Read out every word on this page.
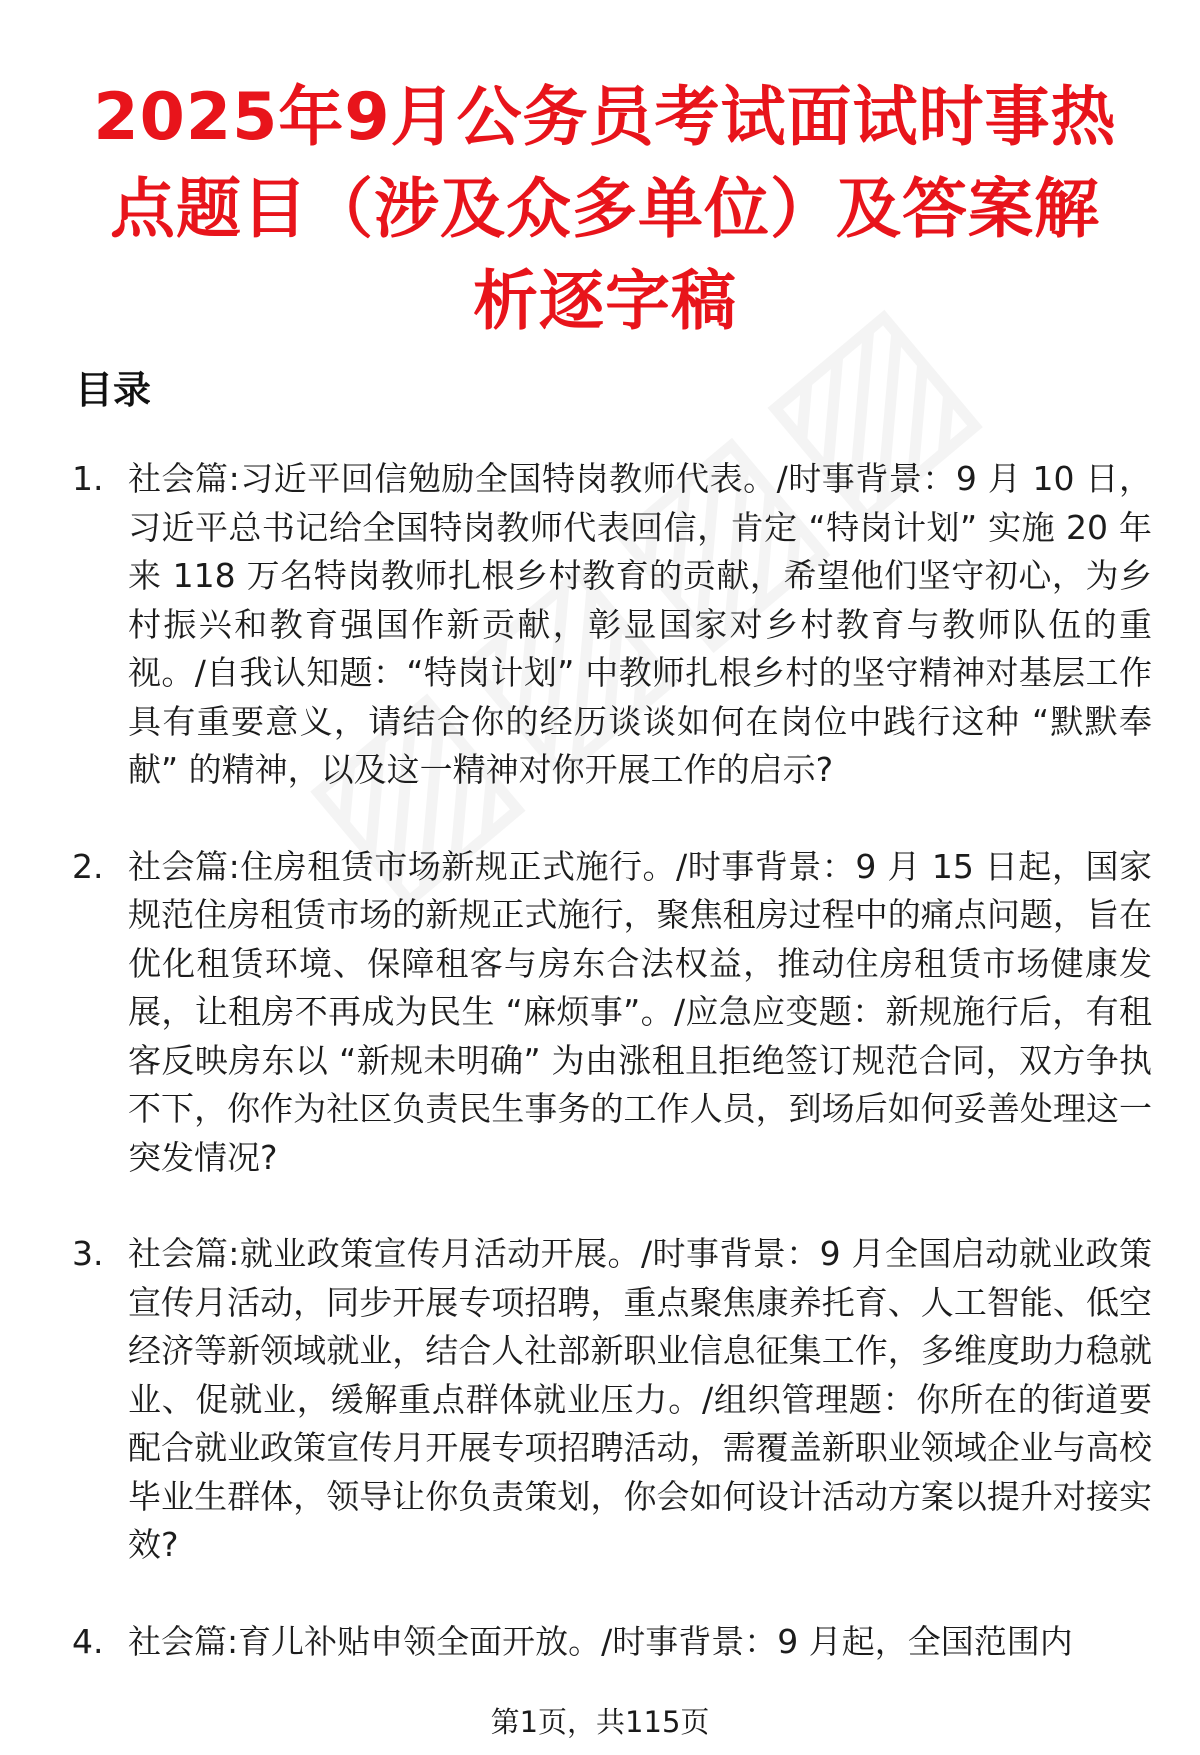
2025年9月公务员考试面试时事热点题目（涉及众多单位）及答案解析逐字稿
目录
1. 社会篇:习近平回信勉励全国特岗教师代表。/时事背景：9 月 10 日，习近平总书记给全国特岗教师代表回信，肯定 “特岗计划” 实施 20 年来 118 万名特岗教师扎根乡村教育的贡献，希望他们坚守初心，为乡村振兴和教育强国作新贡献，彰显国家对乡村教育与教师队伍的重视。/自我认知题：“特岗计划” 中教师扎根乡村的坚守精神对基层工作具有重要意义，请结合你的经历谈谈如何在岗位中践行这种 “默默奉献” 的精神，以及这一精神对你开展工作的启示?
2. 社会篇:住房租赁市场新规正式施行。/时事背景：9 月 15 日起，国家规范住房租赁市场的新规正式施行，聚焦租房过程中的痛点问题，旨在优化租赁环境、保障租客与房东合法权益，推动住房租赁市场健康发展，让租房不再成为民生 “麻烦事”。/应急应变题：新规施行后，有租客反映房东以 “新规未明确” 为由涨租且拒绝签订规范合同，双方争执不下，你作为社区负责民生事务的工作人员，到场后如何妥善处理这一突发情况?
3. 社会篇:就业政策宣传月活动开展。/时事背景：9 月全国启动就业政策宣传月活动，同步开展专项招聘，重点聚焦康养托育、人工智能、低空经济等新领域就业，结合人社部新职业信息征集工作，多维度助力稳就业、促就业，缓解重点群体就业压力。/组织管理题：你所在的街道要配合就业政策宣传月开展专项招聘活动，需覆盖新职业领域企业与高校毕业生群体，领导让你负责策划，你会如何设计活动方案以提升对接实效?
4. 社会篇:育儿补贴申领全面开放。/时事背景：9 月起，全国范围内
第1页，共115页
